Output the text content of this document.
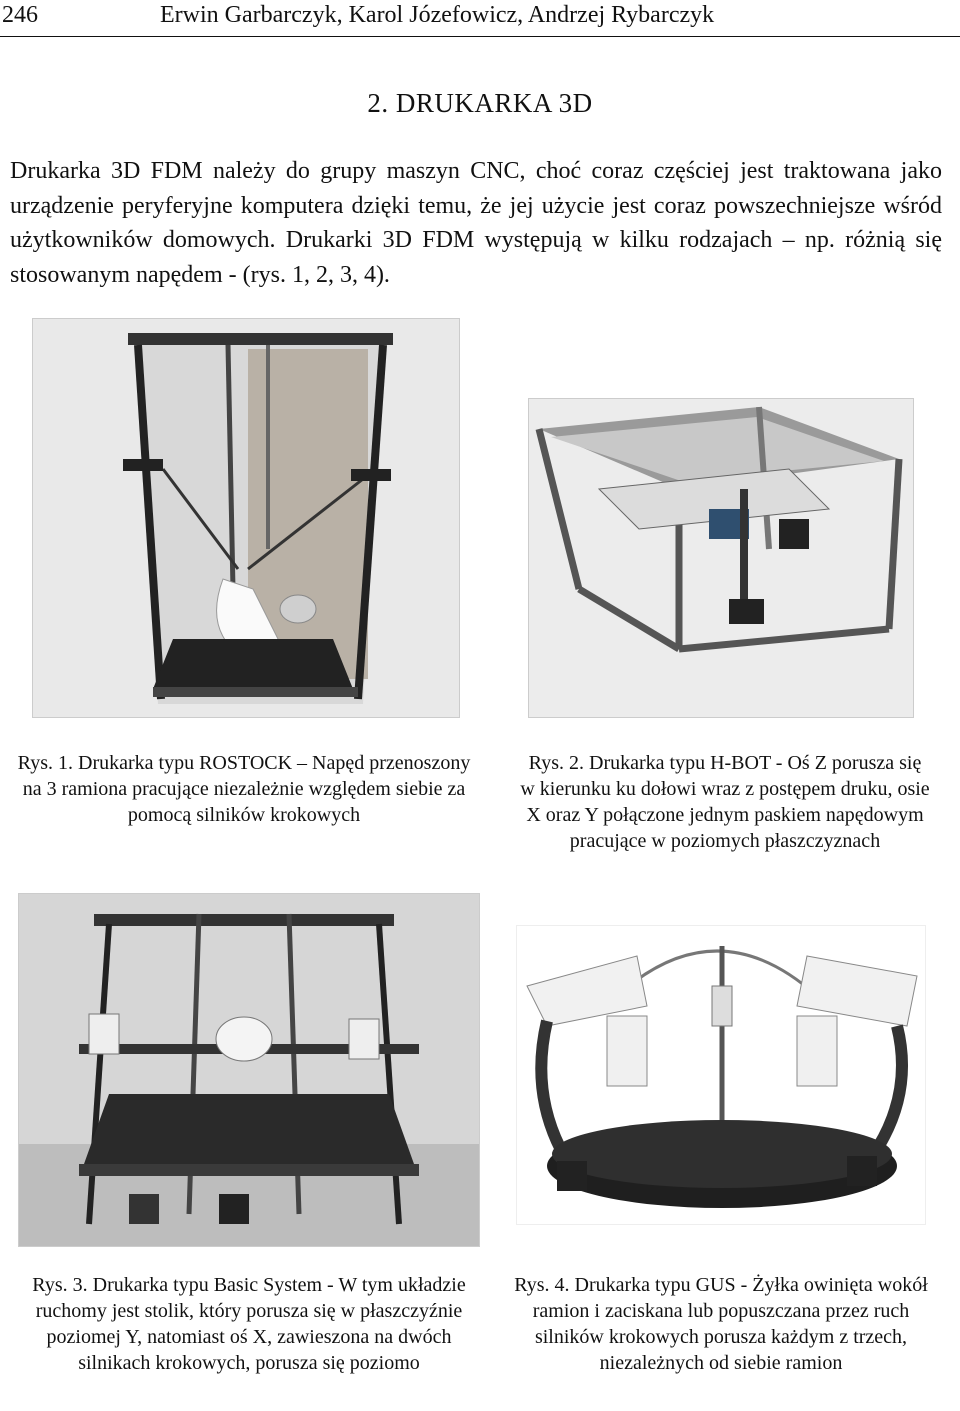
246	Erwin Garbarczyk, Karol Józefowicz, Andrzej Rybarczyk
2. DRUKARKA 3D

Drukarka 3D FDM należy do grupy maszyn CNC, choć coraz częściej jest traktowana jako urządzenie peryferyjne komputera dzięki temu, że jej użycie jest coraz powszechniejsze wśród użytkowników domowych. Drukarki 3D FDM występują w kilku rodzajach – np. różnią się stosowanym napędem - (rys. 1, 2, 3, 4).

Rys. 1. Drukarka typu ROSTOCK – Napęd przenoszony na 3 ramiona pracujące niezależnie względem siebie za pomocą silników krokowych

Rys. 2. Drukarka typu H-BOT - Oś Z porusza się w kierunku ku dołowi wraz z postępem druku, osie X oraz Y połączone jednym paskiem napędowym pracujące w poziomych płaszczyznach

Rys. 3. Drukarka typu Basic System - W tym układzie ruchomy jest stolik, który porusza się w płaszczyźnie poziomej Y, natomiast oś X, zawieszona na dwóch silnikach krokowych, porusza się poziomo

Rys. 4. Drukarka typu GUS - Żyłka owinięta wokół ramion i zaciskana lub popuszczana przez ruch silników krokowych porusza każdym z trzech, niezależnych od siebie ramion
